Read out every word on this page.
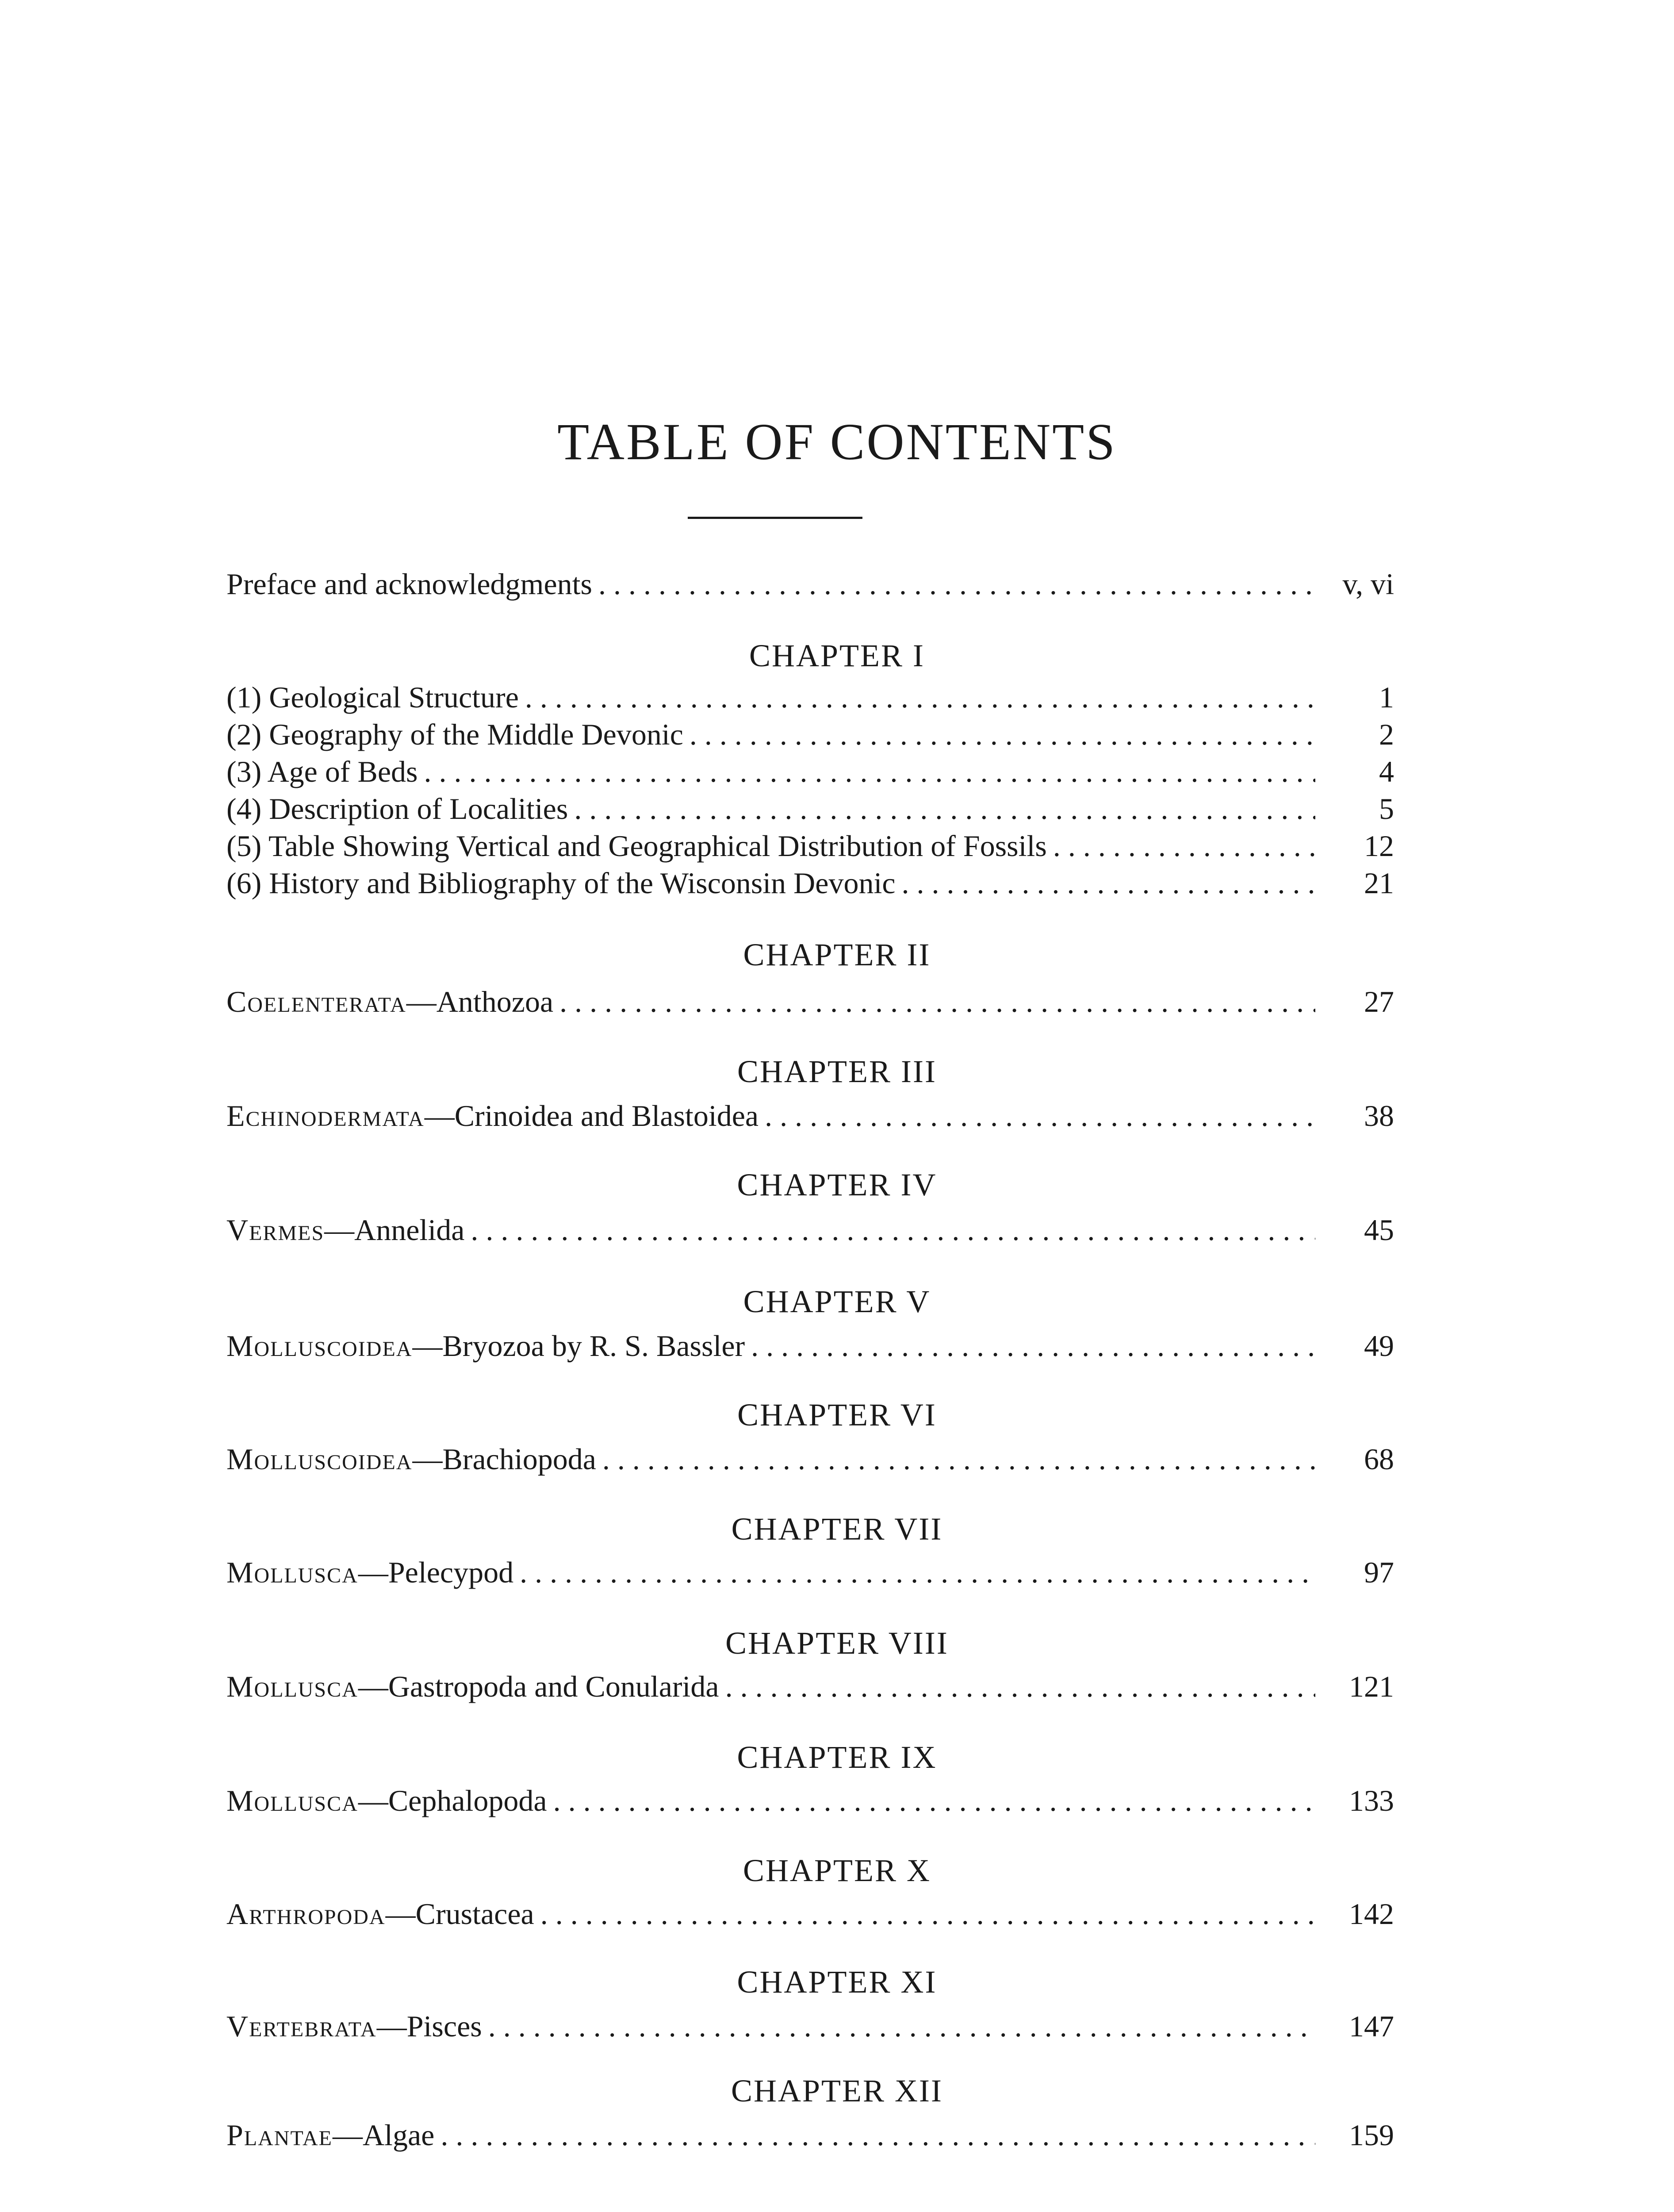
TABLE OF CONTENTS
Preface and acknowledgments . . .	v, vi
CHAPTER I
(1) Geological Structure . . .	1
(2) Geography of the Middle Devonic . . .	2
(3) Age of Beds . . .	4
(4) Description of Localities . . .	5
(5) Table Showing Vertical and Geographical Distribution of Fossils . . .	12
(6) History and Bibliography of the Wisconsin Devonic . . .	21
CHAPTER II
Coelenterata—Anthozoa . . .	27
CHAPTER III
Echinodermata—Crinoidea and Blastoidea . . .	38
CHAPTER IV
Vermes—Annelida . . .	45
CHAPTER V
Molluscoidea—Bryozoa by R. S. Bassler . . .	49
CHAPTER VI
Molluscoidea—Brachiopoda . . .	68
CHAPTER VII
Mollusca—Pelecypod . . .	97
CHAPTER VIII
Mollusca—Gastropoda and Conularida . . .	121
CHAPTER IX
Mollusca—Cephalopoda . . .	133
CHAPTER X
Arthropoda—Crustacea . . .	142
CHAPTER XI
Vertebrata—Pisces . . .	147
CHAPTER XII
Plantae—Algae . . .	159
